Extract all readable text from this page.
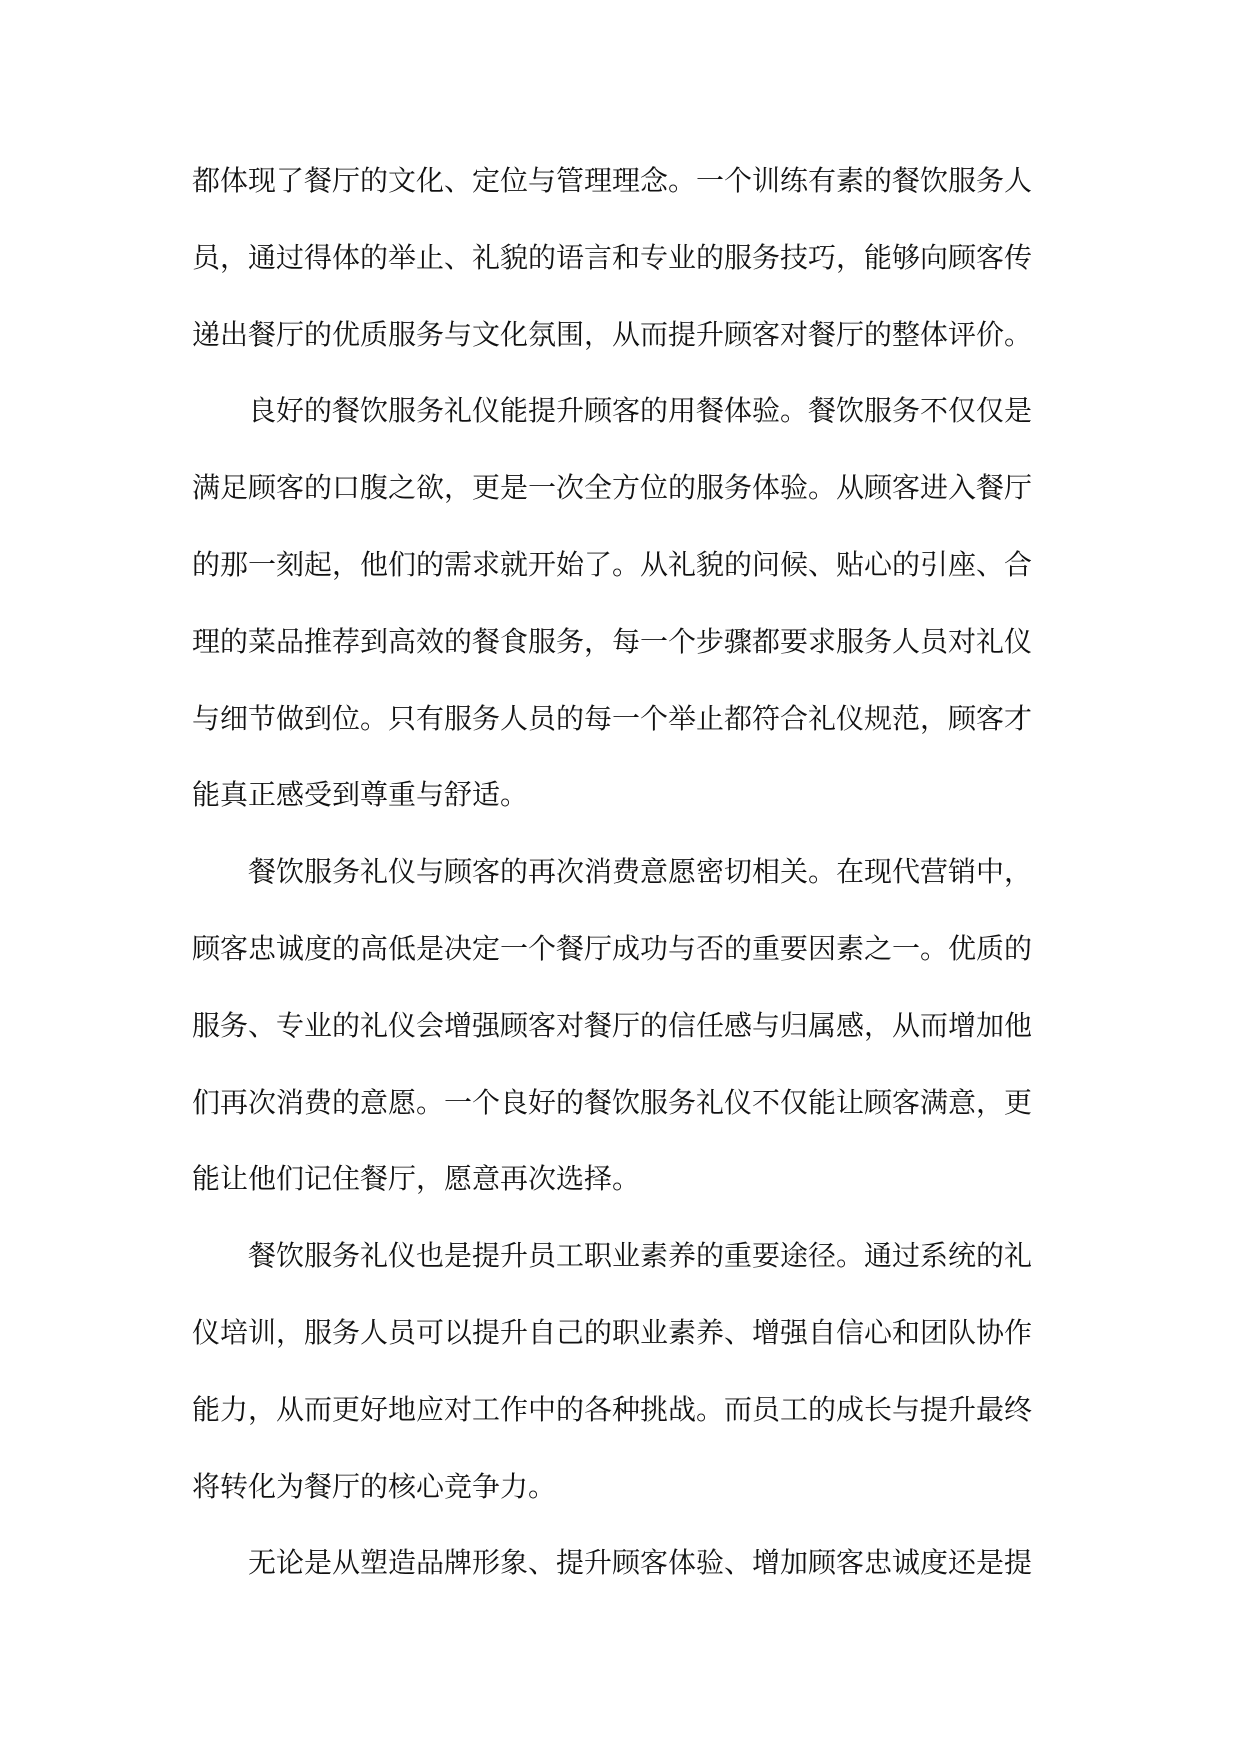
都体现了餐厅的文化、定位与管理理念。一个训练有素的餐饮服务人
员，通过得体的举止、礼貌的语言和专业的服务技巧，能够向顾客传
递出餐厅的优质服务与文化氛围，从而提升顾客对餐厅的整体评价。
良好的餐饮服务礼仪能提升顾客的用餐体验。餐饮服务不仅仅是
满足顾客的口腹之欲，更是一次全方位的服务体验。从顾客进入餐厅
的那一刻起，他们的需求就开始了。从礼貌的问候、贴心的引座、合
理的菜品推荐到高效的餐食服务，每一个步骤都要求服务人员对礼仪
与细节做到位。只有服务人员的每一个举止都符合礼仪规范，顾客才
能真正感受到尊重与舒适。
餐饮服务礼仪与顾客的再次消费意愿密切相关。在现代营销中，
顾客忠诚度的高低是决定一个餐厅成功与否的重要因素之一。优质的
服务、专业的礼仪会增强顾客对餐厅的信任感与归属感，从而增加他
们再次消费的意愿。一个良好的餐饮服务礼仪不仅能让顾客满意，更
能让他们记住餐厅，愿意再次选择。
餐饮服务礼仪也是提升员工职业素养的重要途径。通过系统的礼
仪培训，服务人员可以提升自己的职业素养、增强自信心和团队协作
能力，从而更好地应对工作中的各种挑战。而员工的成长与提升最终
将转化为餐厅的核心竞争力。
无论是从塑造品牌形象、提升顾客体验、增加顾客忠诚度还是提
